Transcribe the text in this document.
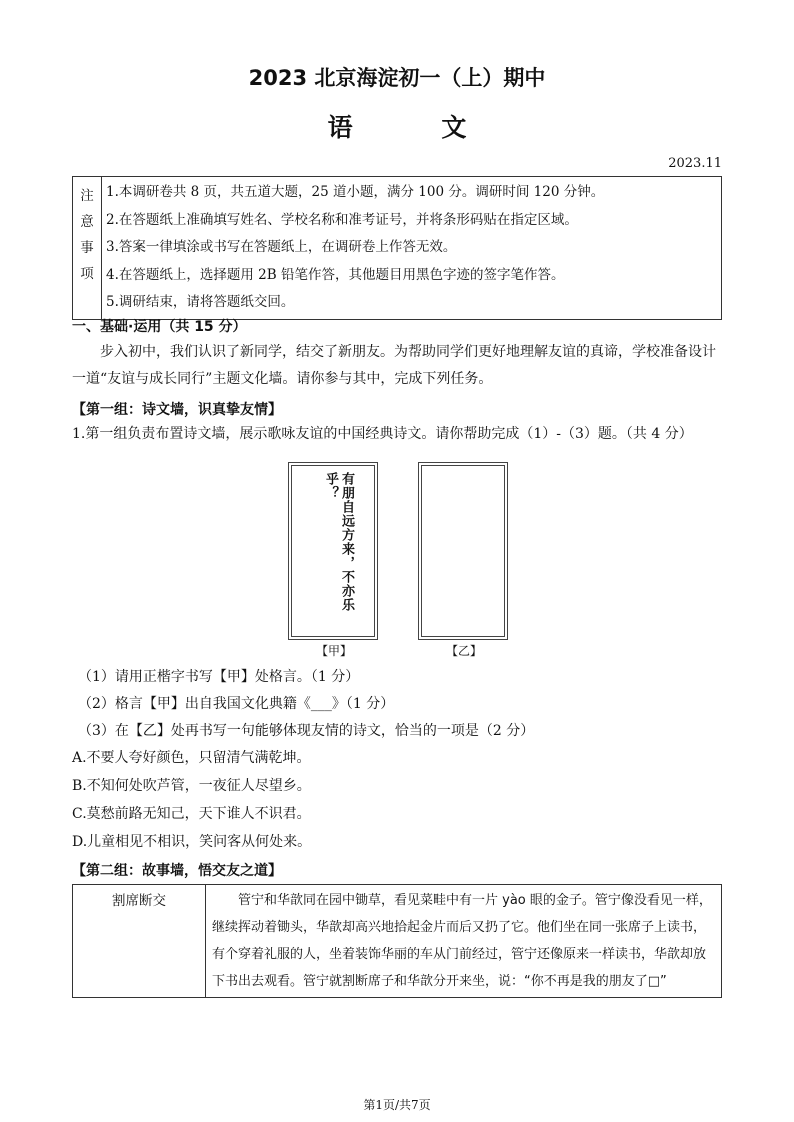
2023 北京海淀初一（上）期中
语 文
2023.11
注
意
事
项

1.本调研卷共 8 页，共五道大题，25 道小题，满分 100 分。调研时间 120 分钟。
2.在答题纸上准确填写姓名、学校名称和准考证号，并将条形码贴在指定区域。
3.答案一律填涂或书写在答题纸上，在调研卷上作答无效。
4.在答题纸上，选择题用 2B 铅笔作答，其他题目用黑色字迹的签字笔作答。
5.调研结束，请将答题纸交回。
一、基础·运用（共 15 分）
步入初中，我们认识了新同学，结交了新朋友。为帮助同学们更好地理解友谊的真谛，学校准备设计
一道“友谊与成长同行”主题文化墙。请你参与其中，完成下列任务。
【第一组：诗文墙，识真挚友情】
1.第一组负责布置诗文墙，展示歌咏友谊的中国经典诗文。请你帮助完成（1）-（3）题。（共 4 分）
有朋自远方来，不亦乐乎？
【甲】	【乙】
（1）请用正楷字书写【甲】处格言。（1 分）
（2）格言【甲】出自我国文化典籍《___》（1 分）
（3）在【乙】处再书写一句能够体现友情的诗文，恰当的一项是（2 分）
A.不要人夸好颜色，只留清气满乾坤。
B.不知何处吹芦管，一夜征人尽望乡。
C.莫愁前路无知己，天下谁人不识君。
D.儿童相见不相识，笑问客从何处来。
【第二组：故事墙，悟交友之道】
割席断交	管宁和华歆同在园中锄草，看见菜畦中有一片 yào 眼的金子。管宁像没看见一样，继续挥动着锄头，华歆却高兴地拾起金片而后又扔了它。他们坐在同一张席子上读书，有个穿着礼服的人，坐着装饰华丽的车从门前经过，管宁还像原来一样读书，华歆却放下书出去观看。管宁就割断席子和华歆分开来坐，说：“你不再是我的朋友了□”
第1页/共7页
